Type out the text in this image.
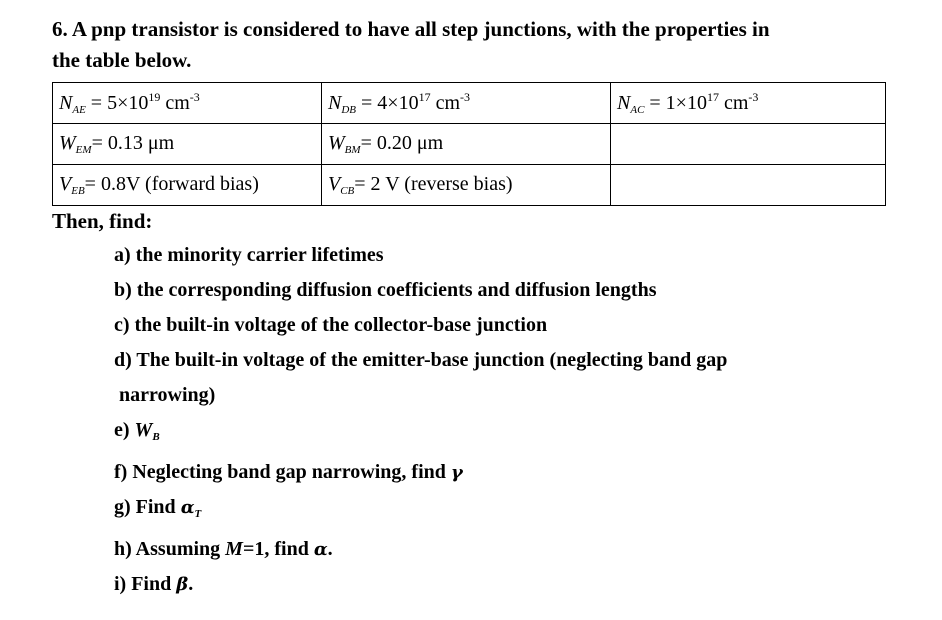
6. A pnp transistor is considered to have all step junctions, with the properties in
the table below.
$N_{AE} = 5\times 10^{19}$ $cm^{-3}$	$N_{DB} = 4\times 10^{17}$ $cm^{-3}$	$N_{AC} = 1\times 10^{17}$ $cm^{-3}$
$W_{EM}= 0.13$ μm	$W_{BM}= 0.20$ μm	
$V_{EB}= 0.8V$ (forward bias)	$V_{CB}= 2$ V (reverse bias)	
Then, find:
a) the minority carrier lifetimes
b) the corresponding diffusion coefficients and diffusion lengths
c) the built-in voltage of the collector-base junction
d) The built-in voltage of the emitter-base junction (neglecting band gap
narrowing)
e) $W_B$
f) Neglecting band gap narrowing, find γ
g) Find $\alpha_T$
h) Assuming M=1, find α.
i) Find β.
